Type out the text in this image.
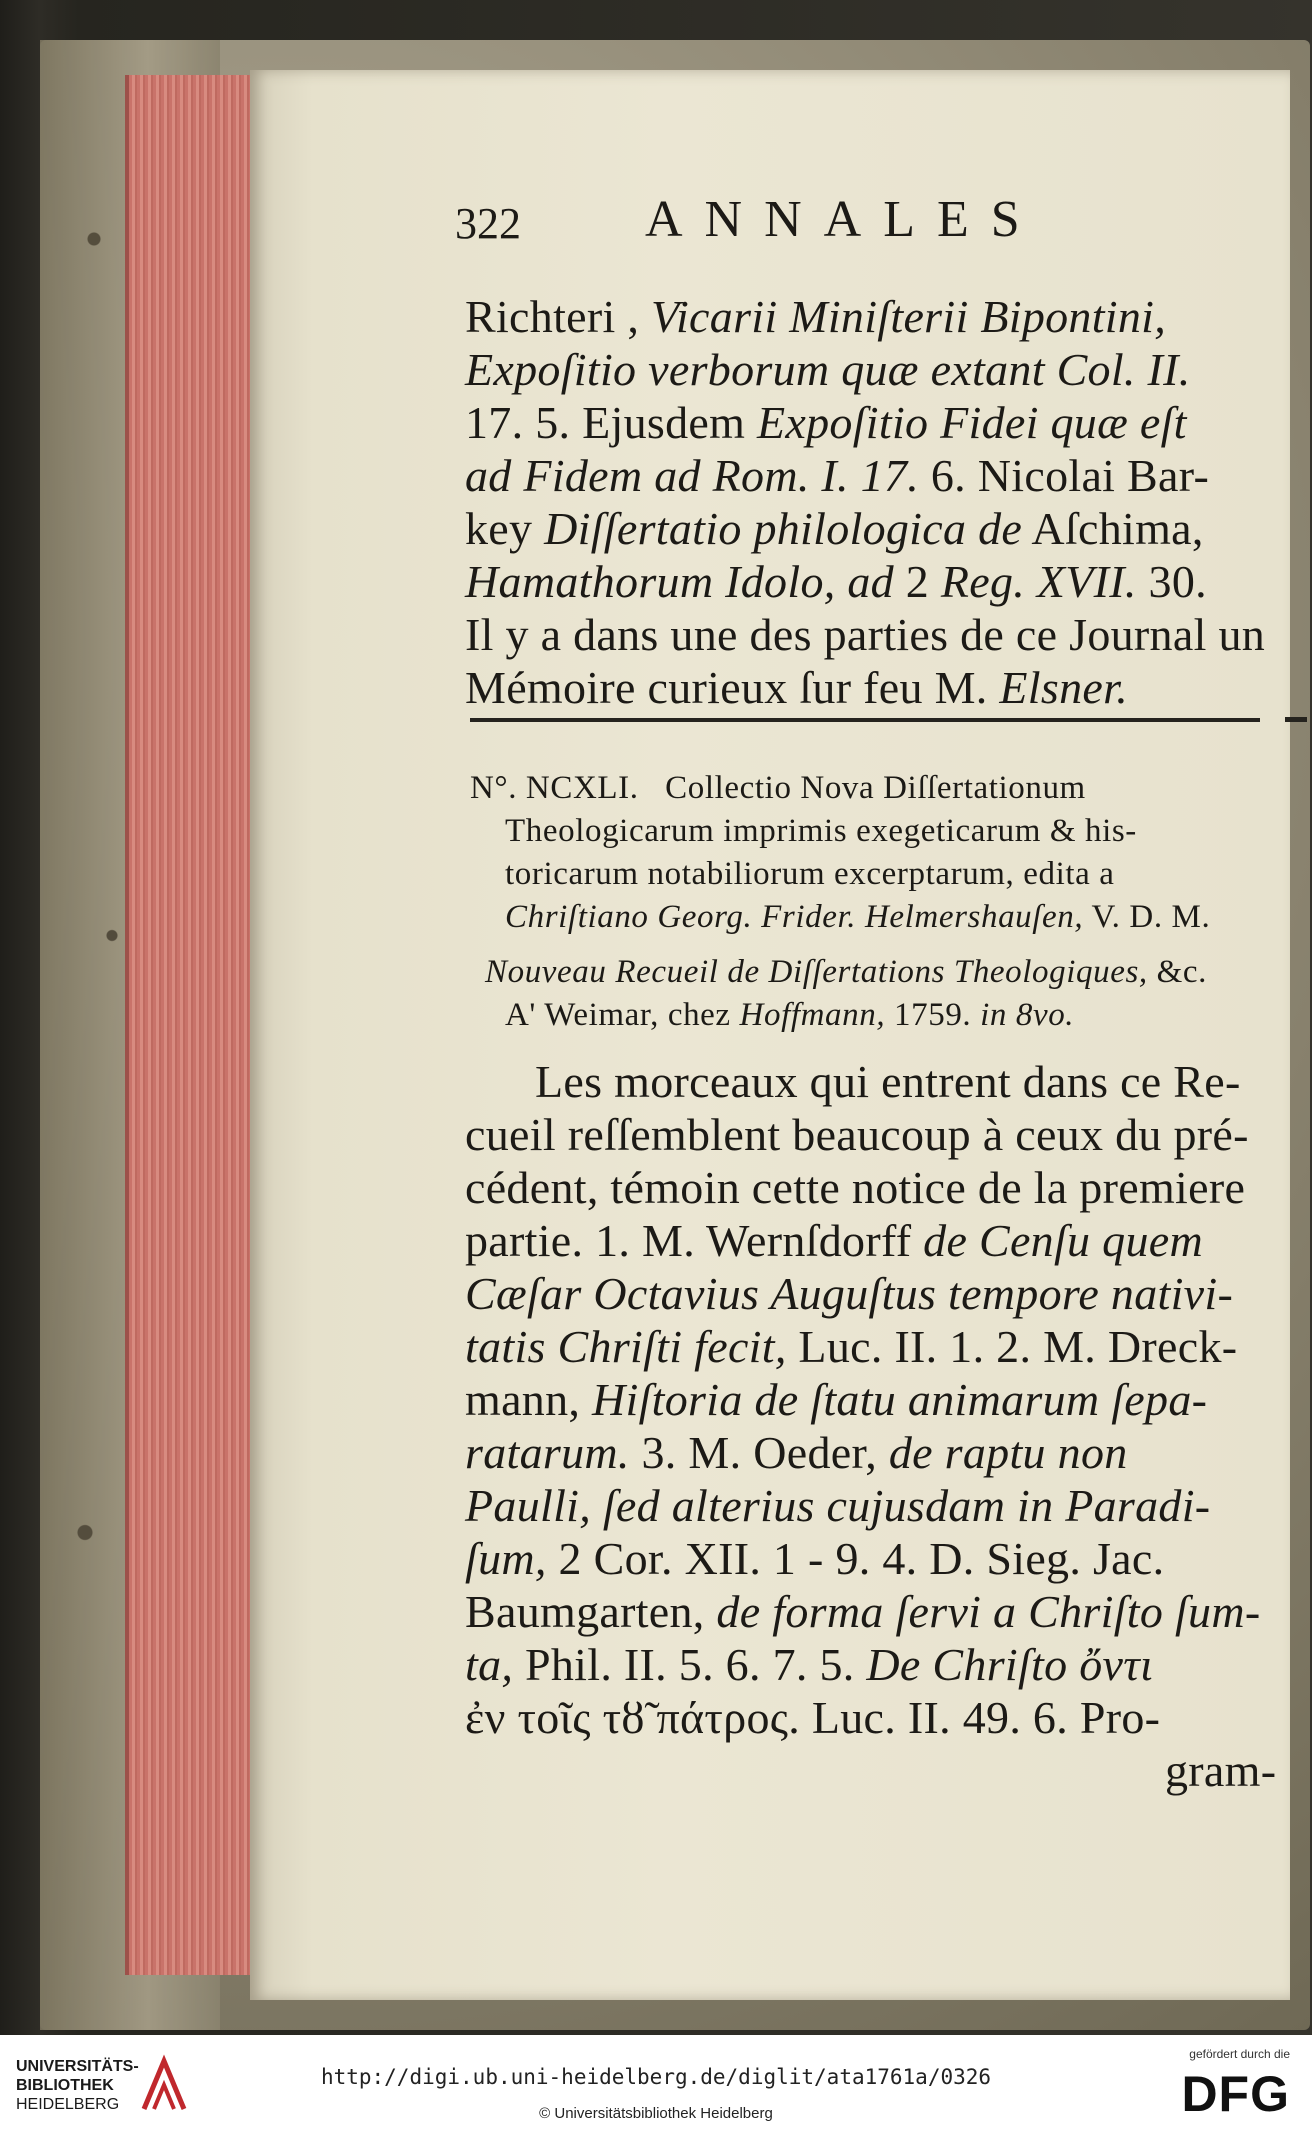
322 ANNALES
Richteri , Vicarii Miniſterii Bipontini,
Expoſitio verborum quæ extant Col. II.
17. 5. Ejusdem Expoſitio Fidei quæ eſt
ad Fidem ad Rom. I. 17. 6. Nicolai Bar-
key Diſſertatio philologica de Aſchima,
Hamathorum Idolo, ad 2 Reg. XVII. 30.
Il y a dans une des parties de ce Journal un
Mémoire curieux ſur feu M. Elsner.
N°. NCXLI. Collectio Nova Diſſertationum
Theologicarum imprimis exegeticarum & his-
toricarum notabiliorum excerptarum, edita a
Chriſtiano Georg. Frider. Helmershauſen, V. D. M.
Nouveau Recueil de Diſſertations Theologiques, &c.
A' Weimar, chez Hoffmann, 1759. in 8vo.
Les morceaux qui entrent dans ce Re-
cueil reſſemblent beaucoup à ceux du pré-
cédent, témoin cette notice de la premiere
partie. 1. M. Wernſdorff de Cenſu quem
Cæſar Octavius Auguſtus tempore nativi-
tatis Chriſti fecit, Luc. II. 1. 2. M. Dreck-
mann, Hiſtoria de ſtatu animarum ſepa-
ratarum. 3. M. Oeder, de raptu non
Paulli, ſed alterius cujusdam in Paradi-
ſum, 2 Cor. XII. 1 - 9. 4. D. Sieg. Jac.
Baumgarten, de forma ſervi a Chriſto ſum-
ta, Phil. II. 5. 6. 7. 5. De Chriſto ὄντι
ἐν τοῖς τȣ̃ πάτρος. Luc. II. 49. 6. Pro-
gram-
UNIVERSITÄTS-
BIBLIOTHEK
HEIDELBERG
http://digi.ub.uni-heidelberg.de/diglit/ata1761a/0326
© Universitätsbibliothek Heidelberg
gefördert durch die
DFG
